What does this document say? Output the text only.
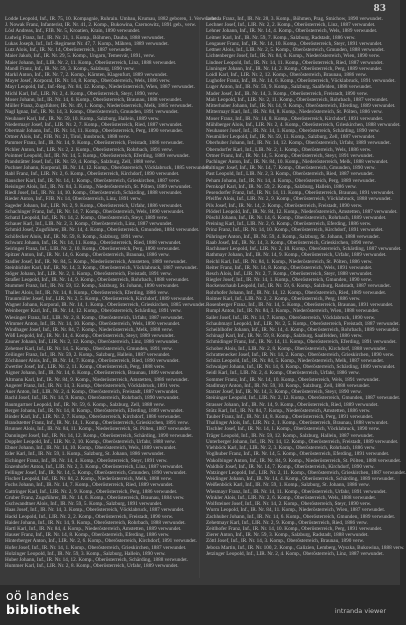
83
Lodde Leopold, Inf., IR. 75, 10. Kompagnie, Ruhrain. Umbau, Krumau, 1882 geboren, 1. Verwundet.
J. Nowak Franz, Infanterist, IR. Nr. 41, 2. Komp., Bukowina, Czernowitz, 1891 geb., verw.
Lösl Andreas, Inf., FJB. Nr. 5, Kroatien, Krain, 1890 verwundet.
Ludwig Franz, Inf., IR. Nr. 21, 1. Komp., Böhmen, Dauba, 1888 verwundet.
Lukas Joseph, Inf., Inf.-Regiment Nr. 47, 7. Komp., Mähren, 1889 verwundet.
Lutz Alois, Inf., IR. Nr. 14, Oberösterreich, 1887 verwundet.
Maier Jakob, Inf., IR. Nr. 29, 5. Komp., Ungarn, Temesvár, 1891, verw.
Maier Johann, Inf., LIR. Nr. 2, 11. Komp., Oberösterreich, Linz, 1888 verwundet.
Mandl Franz, Inf., IR. Nr. 59, 3. Komp., Salzburg, 1890 verw.
Markl Anton, Inf., IR. Nr. 7, 2. Komp., Kärnten, Klagenfurt, 1889 verwundet.
Mayer Josef, Korporal, IR. Nr. 14, 8. Komp., Oberösterreich, Wels, 1886 verw.
Mayr Leopold, Inf., Inf.-Reg. Nr. 84, 12. Komp., Niederösterreich, Wien, 1887 verwundet.
Michl Karl, Inf., LIR. Nr. 2, 4. Komp., Oberösterreich, Steyr, 1890, verw.
Moser Johann, Inf., IR. Nr. 14, 6. Komp., Oberösterreich, Braunau, 1888 verwundet.
Müller Franz, Zugsführer, IR. Nr. 49, 1. Komp., Niederösterreich, Melk, 1885 verwundet.
Nagl Ignaz, Inf., IR. Nr. 14, 3. Komp., Oberösterreich, Gmunden, 1891 verwundet.
Neubauer Karl, Inf., IR. Nr. 59, 10. Komp., Salzburg, Hallein, 1889 verw.
Niedermayr Josef, Inf., LIR. Nr. 2, 7. Komp., Oberösterreich, Ried, 1887 verwundet.
Obermair Johann, Inf., IR. Nr. 14, 11. Komp., Oberösterreich, Perg, 1890 verwundet.
Ortner Alois, Inf., FJB. Nr. 21, Tirol, Innsbruck, 1888 verw.
Pammer Franz, Inf., IR. Nr. 14, 9. Komp., Oberösterreich, Freistadt, 1886 verwundet.
Pichler Anton, Inf., LIR. Nr. 2, 2. Komp., Oberösterreich, Rohrbach, 1891 verw.
Pointner Leopold, Inf., IR. Nr. 14, 5. Komp., Oberösterreich, Eferding, 1889 verwundet.
Prandstätter Josef, Inf., IR. Nr. 59, 4. Komp., Salzburg, Zell, 1888 verw.
Puchner Johann, Korporal, IR. Nr. 14, 12. Komp., Oberösterreich, Vöcklabruck, 1885 verwundet.
Rabl Franz, Inf., LIR. Nr. 2, 6. Komp., Oberösterreich, Kirchdorf, 1890 verwundet.
Rauscher Karl, Inf., IR. Nr. 14, 1. Komp., Oberösterreich, Grieskirchen, 1887 verw.
Reisinger Alois, Inf., IR. Nr. 84, 3. Komp., Niederösterreich, St. Pölten, 1889 verwundet.
Riedl Josef, Inf., IR. Nr. 14, 10. Komp., Oberösterreich, Schärding, 1888 verwundet.
Rieder Anton, Inf., FJB. Nr. 14, Oberösterreich, Linz, 1891 verw.
Sageder Johann, Inf., LIR. Nr. 2, 9. Komp., Oberösterreich, Urfahr, 1886 verwundet.
Schachinger Franz, Inf., IR. Nr. 14, 7. Komp., Oberösterreich, Wels, 1890 verwundet.
Schatzl Leopold, Inf., IR. Nr. 14, 2. Komp., Oberösterreich, Steyr, 1889 verw.
Schauer Karl, Inf., LIR. Nr. 2, 3. Komp., Oberösterreich, Linz, 1887 verwundet.
Schmid Josef, Zugsführer, IR. Nr. 14, 4. Komp., Oberösterreich, Gmunden, 1884 verwundet.
Schöfecker Alois, Inf., IR. Nr. 59, 8. Komp., Salzburg, 1891 verw.
Schwarz Johann, Inf., IR. Nr. 14, 11. Komp., Oberösterreich, Ried, 1888 verwundet.
Seiringer Franz, Inf., LIR. Nr. 2, 10. Komp., Oberösterreich, Perg, 1890 verwundet.
Spitzer Anton, Inf., IR. Nr. 14, 6. Komp., Oberösterreich, Braunau, 1886 verw.
Stadler Josef, Inf., IR. Nr. 84, 5. Komp., Niederösterreich, Amstetten, 1889 verwundet.
Steinbichler Karl, Inf., IR. Nr. 14, 3. Komp., Oberösterreich, Vöcklabruck, 1887 verwundet.
Stöger Johann, Inf., LIR. Nr. 2, 1. Komp., Oberösterreich, Freistadt, 1891 verw.
Straßer Leopold, Inf., IR. Nr. 14, 9. Komp., Oberösterreich, Rohrbach, 1888 verwundet.
Stummer Franz, Inf., IR. Nr. 59, 12. Komp., Salzburg, St. Johann, 1890 verwundet.
Thaller Alois, Inf., IR. Nr. 14, 8. Komp., Oberösterreich, Eferding, 1886 verw.
Traunmüller Josef, Inf., LIR. Nr. 2, 5. Komp., Oberösterreich, Kirchdorf, 1889 verwundet.
Wagner Johann, Korporal, IR. Nr. 14, 1. Komp., Oberösterreich, Grieskirchen, 1885 verwundet.
Weinberger Karl, Inf., IR. Nr. 14, 12. Komp., Oberösterreich, Schärding, 1891 verw.
Wiesinger Franz, Inf., LIR. Nr. 2, 8. Komp., Oberösterreich, Urfahr, 1887 verwundet.
Wimmer Anton, Inf., IR. Nr. 14, 10. Komp., Oberösterreich, Wels, 1890 verwundet.
Windhager Josef, Inf., IR. Nr. 84, 7. Komp., Niederösterreich, Melk, 1888 verw.
Wöß Leopold, Inf., IR. Nr. 14, 4. Komp., Oberösterreich, Steyr, 1889 verwundet.
Zauner Johann, Inf., LIR. Nr. 2, 12. Komp., Oberösterreich, Linz, 1886 verwundet.
Zehetner Karl, Inf., IR. Nr. 14, 5. Komp., Oberösterreich, Gmunden, 1891 verw.
Zeilinger Franz, Inf., IR. Nr. 59, 2. Komp., Salzburg, Hallein, 1887 verwundet.
Zöchbauer Alois, Inf., IR. Nr. 14, 7. Komp., Oberösterreich, Ried, 1890 verwundet.
Zwettler Josef, Inf., LIR. Nr. 2, 11. Komp., Oberösterreich, Perg, 1888 verw.
Aigner Johann, Inf., IR. Nr. 14, 6. Komp., Oberösterreich, Braunau, 1889 verwundet.
Altmann Karl, Inf., IR. Nr. 84, 9. Komp., Niederösterreich, Amstetten, 1886 verwundet.
Angerer Franz, Inf., IR. Nr. 14, 3. Komp., Oberösterreich, Vöcklabruck, 1891 verw.
Auer Anton, Inf., LIR. Nr. 2, 4. Komp., Oberösterreich, Freistadt, 1887 verwundet.
Bachl Josef, Inf., IR. Nr. 14, 9. Komp., Oberösterreich, Rohrbach, 1890 verwundet.
Baumgartner Leopold, Inf., IR. Nr. 59, 6. Komp., Salzburg, Zell, 1888 verw.
Berger Johann, Inf., IR. Nr. 14, 8. Komp., Oberösterreich, Eferding, 1889 verwundet.
Binder Karl, Inf., LIR. Nr. 2, 7. Komp., Oberösterreich, Kirchdorf, 1886 verwundet.
Brandstetter Franz, Inf., IR. Nr. 14, 1. Komp., Oberösterreich, Grieskirchen, 1891 verw.
Brunner Alois, Inf., IR. Nr. 84, 11. Komp., Niederösterreich, St. Pölten, 1887 verwundet.
Danninger Josef, Inf., IR. Nr. 14, 12. Komp., Oberösterreich, Schärding, 1890 verwundet.
Doppler Leopold, Inf., LIR. Nr. 2, 10. Komp., Oberösterreich, Urfahr, 1888 verw.
Ebner Johann, Inf., IR. Nr. 14, 10. Komp., Oberösterreich, Wels, 1889 verwundet.
Eder Karl, Inf., IR. Nr. 59, 1. Komp., Salzburg, St. Johann, 1886 verwundet.
Eichinger Franz, Inf., IR. Nr. 14, 4. Komp., Oberösterreich, Steyr, 1891 verw.
Enzenhofer Anton, Inf., LIR. Nr. 2, 3. Komp., Oberösterreich, Linz, 1887 verwundet.
Fellinger Josef, Inf., IR. Nr. 14, 5. Komp., Oberösterreich, Gmunden, 1890 verwundet.
Fischer Leopold, Inf., IR. Nr. 84, 2. Komp., Niederösterreich, Melk, 1888 verw.
Fuchs Johann, Inf., IR. Nr. 14, 7. Komp., Oberösterreich, Ried, 1889 verwundet.
Gattringer Karl, Inf., LIR. Nr. 2, 9. Komp., Oberösterreich, Perg, 1886 verwundet.
Gruber Franz, Zugsführer, IR. Nr. 14, 6. Komp., Oberösterreich, Braunau, 1884 verw.
Gschwandtner Alois, Inf., IR. Nr. 59, 5. Komp., Salzburg, 1891 verwundet.
Haas Josef, Inf., IR. Nr. 14, 3. Komp., Oberösterreich, Vöcklabruck, 1887 verwundet.
Hackl Leopold, Inf., LIR. Nr. 2, 2. Komp., Oberösterreich, Freistadt, 1890 verw.
Haider Johann, Inf., IR. Nr. 14, 9. Komp., Oberösterreich, Rohrbach, 1888 verwundet.
Hartl Karl, Inf., IR. Nr. 84, 4. Komp., Niederösterreich, Amstetten, 1889 verwundet.
Hauser Franz, Inf., IR. Nr. 14, 8. Komp., Oberösterreich, Eferding, 1886 verw.
Hinterberger Anton, Inf., LIR. Nr. 2, 6. Komp., Oberösterreich, Kirchdorf, 1891 verwundet.
Hofer Josef, Inf., IR. Nr. 14, 1. Komp., Oberösterreich, Grieskirchen, 1887 verwundet.
Holzinger Leopold, Inf., IR. Nr. 59, 3. Komp., Salzburg, Hallein, 1890 verw.
Huber Johann, Inf., IR. Nr. 14, 12. Komp., Oberösterreich, Schärding, 1888 verwundet.
Hummer Karl, Inf., LIR. Nr. 2, 8. Komp., Oberösterreich, Urfahr, 1889 verwundet.
Lebeda Franz, Inf., IR. Nr. 28, 3. Komp., Böhmen, Prag, Smichow, 1890 verwundet.
Lechner Josef, Inf., LIR. Nr. 2, 2. Komp., Oberösterreich, Linz, 1887 verwundet.
Lehner Johann, Inf., IR. Nr. 14, 4. Komp., Oberösterreich, Wels, 1889 verwundet.
Leitner Karl, Inf., IR. Nr. 59, 7. Komp., Salzburg, Radstadt, 1886 verw.
Lengauer Franz, Inf., IR. Nr. 14, 10. Komp., Oberösterreich, Steyr, 1891 verwundet.
Lettner Alois, Inf., LIR. Nr. 2, 5. Komp., Oberösterreich, Gmunden, 1888 verwundet.
Lichtenberger Josef, Inf., IR. Nr. 84, 6. Komp., Niederösterreich, Wien, 1890 verw.
Lindner Leopold, Inf., IR. Nr. 14, 11. Komp., Oberösterreich, Ried, 1887 verwundet.
Linninger Johann, Inf., IR. Nr. 14, 2. Komp., Oberösterreich, Perg, 1889 verwundet.
Loidl Karl, Inf., LIR. Nr. 2, 12. Komp., Oberösterreich, Braunau, 1886 verw.
Lughofer Franz, Inf., IR. Nr. 14, 6. Komp., Oberösterreich, Vöcklabruck, 1891 verwundet.
Luger Anton, Inf., IR. Nr. 59, 9. Komp., Salzburg, Saalfelden, 1888 verwundet.
Mader Josef, Inf., IR. Nr. 14, 3. Komp., Oberösterreich, Freistadt, 1890 verw.
Mair Leopold, Inf., LIR. Nr. 2, 11. Komp., Oberösterreich, Rohrbach, 1887 verwundet.
Mitterhuber Johann, Inf., IR. Nr. 14, 9. Komp., Oberösterreich, Eferding, 1889 verwundet.
Mittermayr Karl, Inf., IR. Nr. 84, 8. Komp., Niederösterreich, St. Pölten, 1886 verw.
Moser Franz, Inf., IR. Nr. 14, 8. Komp., Oberösterreich, Kirchdorf, 1891 verwundet.
Mühlberger Alois, Inf., LIR. Nr. 2, 4. Komp., Oberösterreich, Grieskirchen, 1888 verwundet.
Neuhauser Josef, Inf., IR. Nr. 14, 1. Komp., Oberösterreich, Schärding, 1890 verw.
Neumüller Leopold, Inf., IR. Nr. 59, 11. Komp., Salzburg, Zell, 1887 verwundet.
Oberhuber Johann, Inf., IR. Nr. 14, 12. Komp., Oberösterreich, Urfahr, 1889 verwundet.
Oberndorfer Karl, Inf., LIR. Nr. 2, 1. Komp., Oberösterreich, Wels, 1886 verw.
Ortner Franz, Inf., IR. Nr. 14, 5. Komp., Oberösterreich, Steyr, 1891 verwundet.
Pachinger Anton, Inf., IR. Nr. 84, 10. Komp., Niederösterreich, Melk, 1888 verwundet.
Paltinger Josef, Inf., IR. Nr. 14, 7. Komp., Oberösterreich, Gmunden, 1890 verw.
Past Leopold, Inf., LIR. Nr. 2, 3. Komp., Oberösterreich, Ried, 1887 verwundet.
Peham Johann, Inf., IR. Nr. 14, 4. Komp., Oberösterreich, Perg, 1889 verwundet.
Pernkopf Karl, Inf., IR. Nr. 59, 2. Komp., Salzburg, Hallein, 1886 verw.
Pesendorfer Franz, Inf., IR. Nr. 14, 11. Komp., Oberösterreich, Braunau, 1891 verwundet.
Pfeiffer Alois, Inf., LIR. Nr. 2, 9. Komp., Oberösterreich, Vöcklabruck, 1888 verwundet.
Pils Josef, Inf., IR. Nr. 14, 2. Komp., Oberösterreich, Freistadt, 1890 verw.
Plöderl Leopold, Inf., IR. Nr. 84, 12. Komp., Niederösterreich, Amstetten, 1887 verwundet.
Pöschl Johann, Inf., IR. Nr. 14, 6. Komp., Oberösterreich, Rohrbach, 1889 verwundet.
Preining Karl, Inf., LIR. Nr. 2, 6. Komp., Oberösterreich, Eferding, 1886 verw.
Prinz Franz, Inf., IR. Nr. 14, 10. Komp., Oberösterreich, Kirchdorf, 1891 verwundet.
Pühringer Anton, Inf., IR. Nr. 59, 4. Komp., Salzburg, St. Johann, 1888 verwundet.
Raab Josef, Inf., IR. Nr. 14, 3. Komp., Oberösterreich, Grieskirchen, 1890 verw.
Rachbauer Leopold, Inf., LIR. Nr. 2, 10. Komp., Oberösterreich, Schärding, 1887 verwundet.
Rathmayr Johann, Inf., IR. Nr. 14, 9. Komp., Oberösterreich, Urfahr, 1889 verwundet.
Reichl Karl, Inf., IR. Nr. 84, 1. Komp., Niederösterreich, St. Pölten, 1886 verw.
Reiter Franz, Inf., IR. Nr. 14, 8. Komp., Oberösterreich, Wels, 1891 verwundet.
Resch Alois, Inf., LIR. Nr. 2, 7. Komp., Oberösterreich, Steyr, 1888 verwundet.
Riegler Josef, Inf., IR. Nr. 14, 1. Komp., Oberösterreich, Gmunden, 1890 verw.
Rockenschaub Leopold, Inf., IR. Nr. 59, 6. Komp., Salzburg, Radstadt, 1887 verwundet.
Rohrhofer Johann, Inf., IR. Nr. 14, 12. Komp., Oberösterreich, Ried, 1889 verwundet.
Roitner Karl, Inf., LIR. Nr. 2, 2. Komp., Oberösterreich, Perg, 1886 verw.
Rosenberger Franz, Inf., IR. Nr. 14, 5. Komp., Oberösterreich, Braunau, 1891 verwundet.
Rumpl Anton, Inf., IR. Nr. 84, 3. Komp., Niederösterreich, Wien, 1888 verwundet.
Sailer Josef, Inf., IR. Nr. 14, 7. Komp., Oberösterreich, Vöcklabruck, 1890 verw.
Schaubmayr Leopold, Inf., LIR. Nr. 2, 5. Komp., Oberösterreich, Freistadt, 1887 verwundet.
Scheiblhofer Johann, Inf., IR. Nr. 14, 4. Komp., Oberösterreich, Rohrbach, 1889 verwundet.
Schinagl Karl, Inf., IR. Nr. 59, 8. Komp., Salzburg, Saalfelden, 1886 verw.
Schmidinger Franz, Inf., IR. Nr. 14, 11. Komp., Oberösterreich, Eferding, 1891 verwundet.
Schober Alois, Inf., LIR. Nr. 2, 8. Komp., Oberösterreich, Kirchdorf, 1888 verwundet.
Schrattenecker Josef, Inf., IR. Nr. 14, 2. Komp., Oberösterreich, Grieskirchen, 1890 verw.
Schürz Leopold, Inf., IR. Nr. 84, 5. Komp., Niederösterreich, Melk, 1887 verwundet.
Schwaiger Johann, Inf., IR. Nr. 14, 6. Komp., Oberösterreich, Schärding, 1889 verwundet.
Seidl Karl, Inf., LIR. Nr. 2, 4. Komp., Oberösterreich, Urfahr, 1886 verw.
Sommer Franz, Inf., IR. Nr. 14, 10. Komp., Oberösterreich, Wels, 1891 verwundet.
Stadlmayr Anton, Inf., IR. Nr. 59, 10. Komp., Salzburg, Zell, 1888 verwundet.
Starzer Josef, Inf., IR. Nr. 14, 3. Komp., Oberösterreich, Steyr, 1890 verw.
Steininger Leopold, Inf., LIR. Nr. 2, 12. Komp., Oberösterreich, Gmunden, 1887 verwundet.
Strasser Johann, Inf., IR. Nr. 14, 9. Komp., Oberösterreich, Ried, 1889 verwundet.
Stütz Karl, Inf., IR. Nr. 84, 7. Komp., Niederösterreich, Amstetten, 1886 verw.
Tauber Franz, Inf., IR. Nr. 14, 8. Komp., Oberösterreich, Perg, 1891 verwundet.
Thallinger Alois, Inf., LIR. Nr. 2, 1. Komp., Oberösterreich, Braunau, 1888 verwundet.
Tischler Josef, Inf., IR. Nr. 14, 1. Komp., Oberösterreich, Vöcklabruck, 1890 verw.
Träger Leopold, Inf., IR. Nr. 59, 12. Komp., Salzburg, Hallein, 1887 verwundet.
Unterberger Johann, Inf., IR. Nr. 14, 12. Komp., Oberösterreich, Freistadt, 1889 verwundet.
Viehböck Karl, Inf., LIR. Nr. 2, 3. Komp., Oberösterreich, Rohrbach, 1886 verw.
Voglhuber Franz, Inf., IR. Nr. 14, 5. Komp., Oberösterreich, Eferding, 1891 verwundet.
Wakolbinger Anton, Inf., IR. Nr. 84, 9. Komp., Niederösterreich, St. Pölten, 1888 verwundet.
Waldhör Josef, Inf., IR. Nr. 14, 7. Komp., Oberösterreich, Kirchdorf, 1890 verw.
Watzinger Leopold, Inf., LIR. Nr. 2, 11. Komp., Oberösterreich, Grieskirchen, 1887 verwundet.
Weidinger Johann, Inf., IR. Nr. 14, 4. Komp., Oberösterreich, Schärding, 1889 verwundet.
Weißenböck Karl, Inf., IR. Nr. 59, 1. Komp., Salzburg, St. Johann, 1886 verw.
Wiesmayr Franz, Inf., IR. Nr. 14, 11. Komp., Oberösterreich, Urfahr, 1891 verwundet.
Winkler Alois, Inf., LIR. Nr. 2, 6. Komp., Oberösterreich, Wels, 1888 verwundet.
Wolfsteiner Josef, Inf., IR. Nr. 14, 2. Komp., Oberösterreich, Steyr, 1890 verw.
Wurm Leopold, Inf., IR. Nr. 84, 11. Komp., Niederösterreich, Wien, 1887 verwundet.
Zachhuber Johann, Inf., IR. Nr. 14, 6. Komp., Oberösterreich, Gmunden, 1889 verwundet.
Zehetmayr Karl, Inf., LIR. Nr. 2, 9. Komp., Oberösterreich, Ried, 1886 verw.
Zeitlhofer Franz, Inf., IR. Nr. 14, 10. Komp., Oberösterreich, Perg, 1891 verwundet.
Zierer Anton, Inf., IR. Nr. 59, 3. Komp., Salzburg, Radstadt, 1888 verwundet.
Zöttl Josef, Inf., IR. Nr. 14, 3. Komp., Oberösterreich, Braunau, 1890 verw.
Jebora Martin, Inf., IR. Nr. 100, 2. Komp., Galizien, Lemberg, Wyszka, Bukowina, 1888 verw.
Jetzinger Leopold, Inf., LIR. Nr. 2, 4. Komp., Oberösterreich, Linz, 1887 verwundet.
oö landes
bibliothek	intranda viewer
